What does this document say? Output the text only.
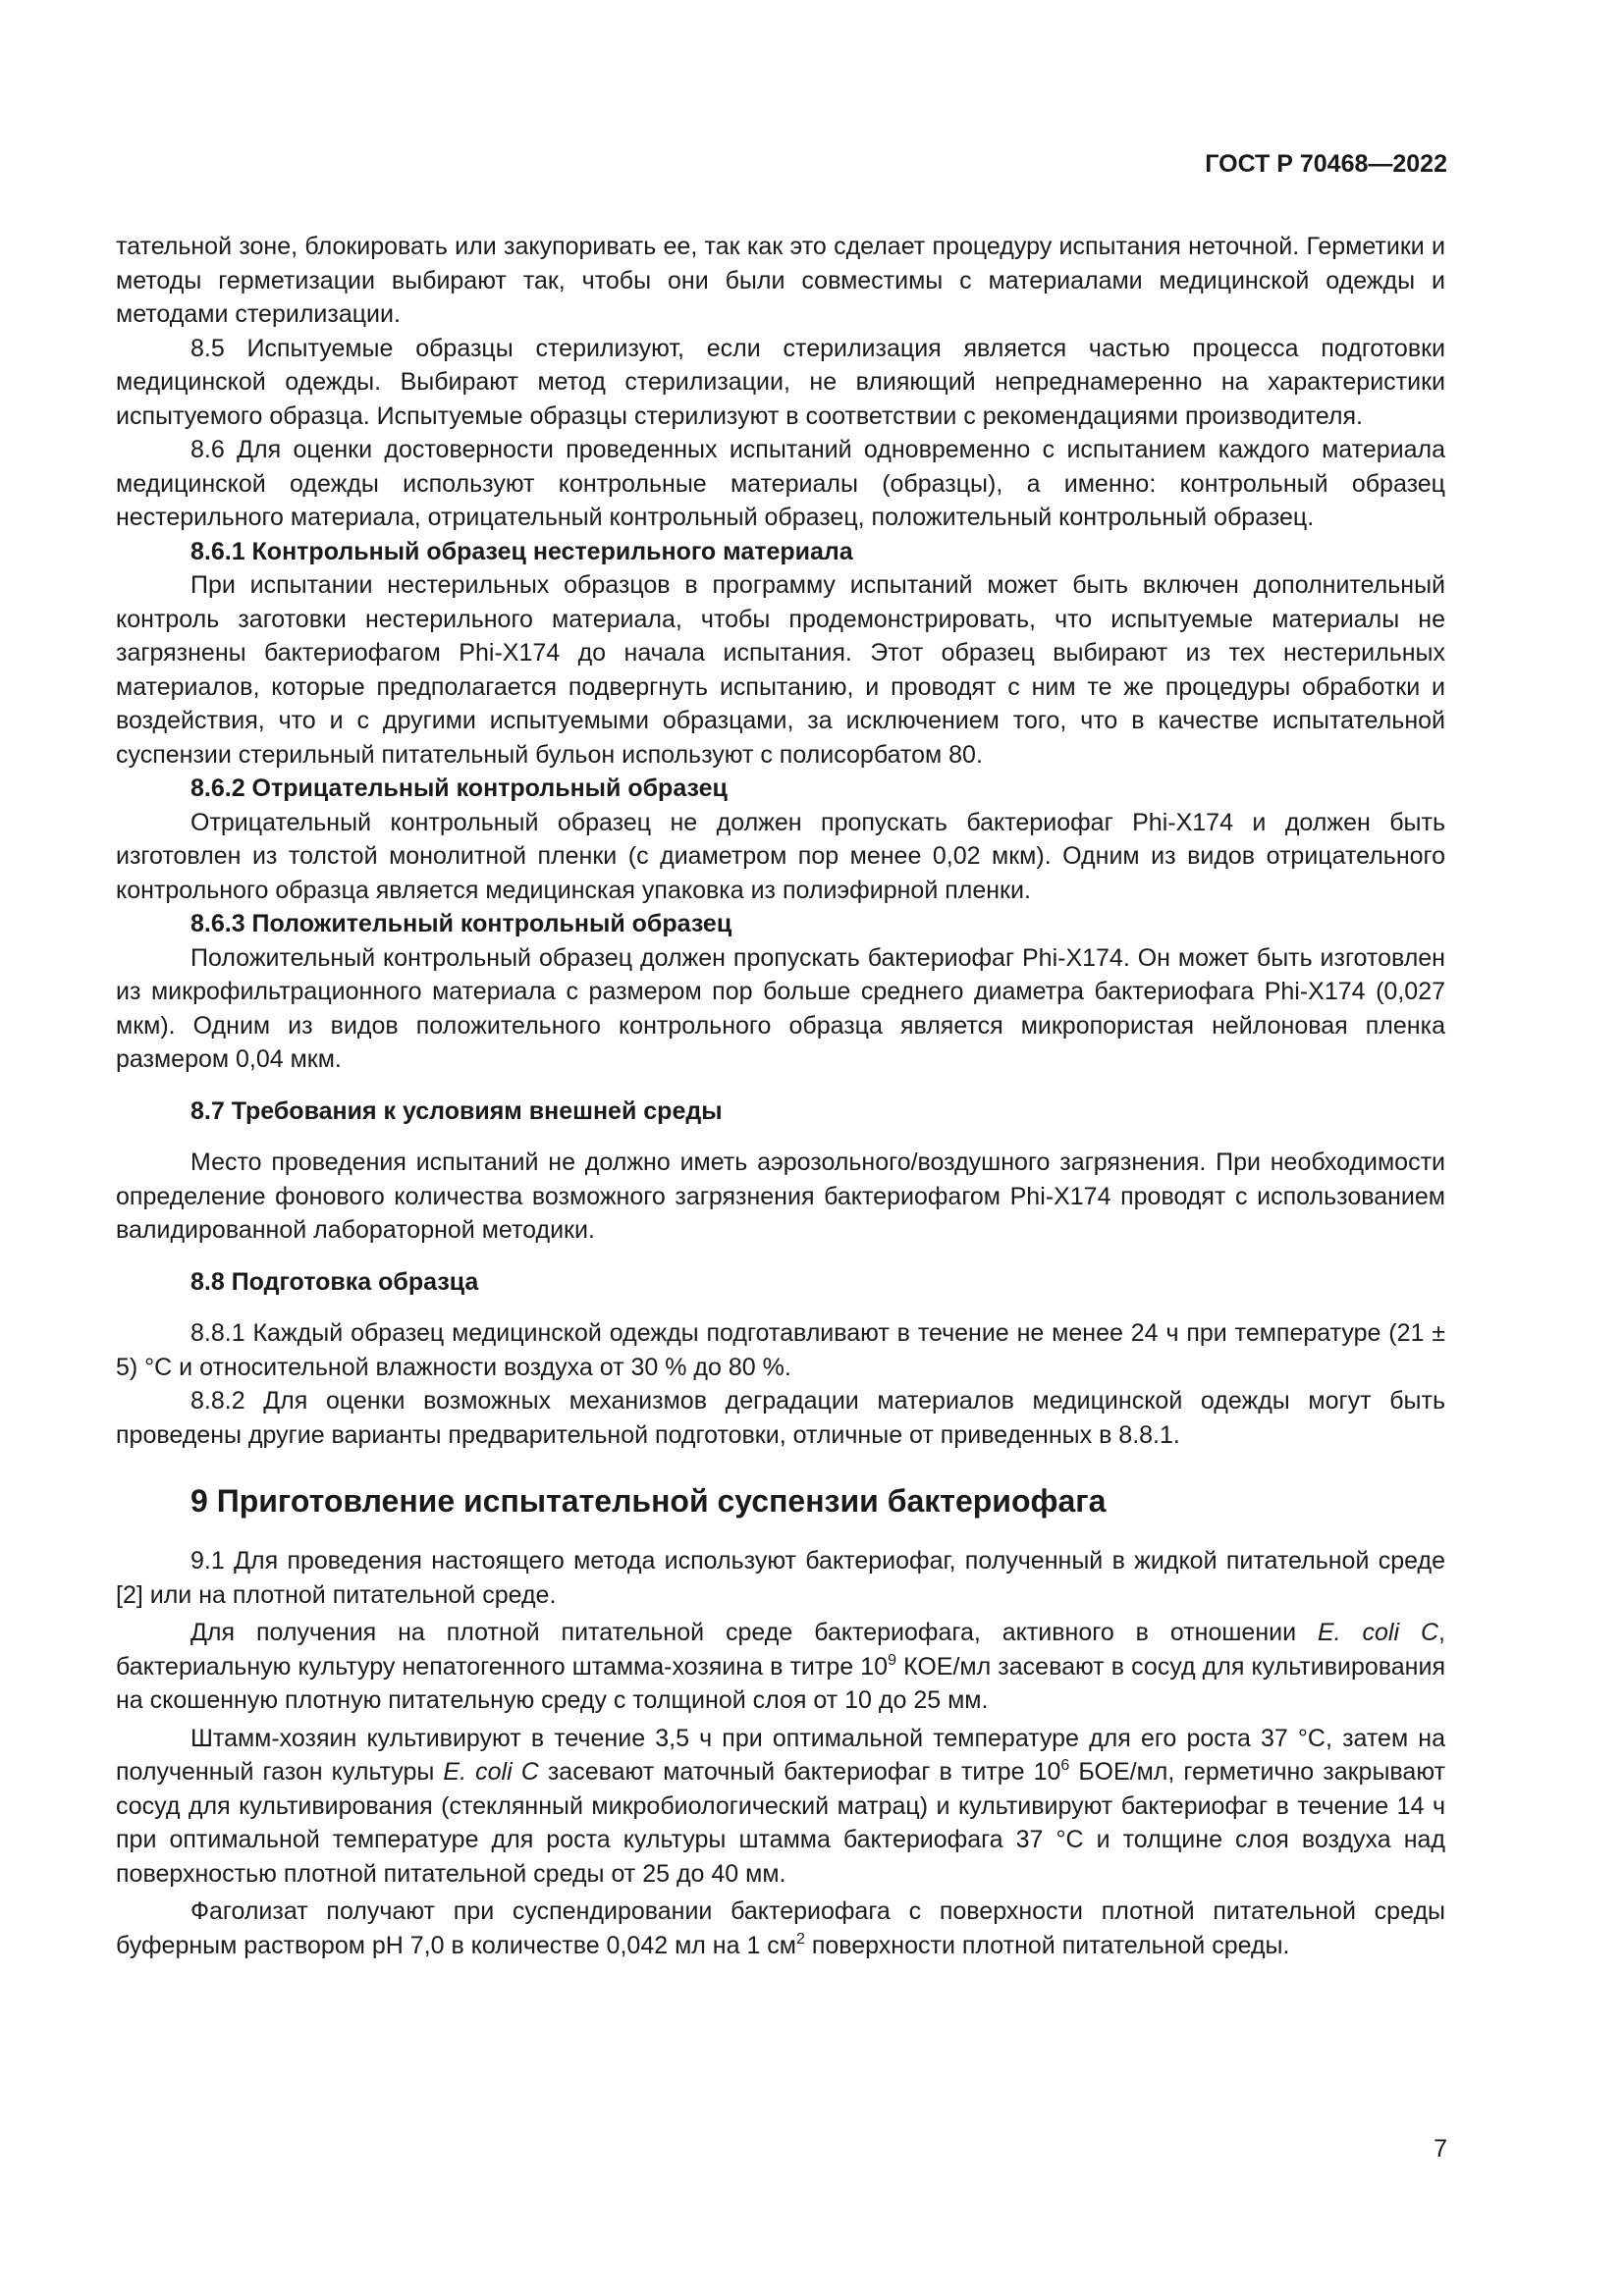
ГОСТ Р 70468—2022

тательной зоне, блокировать или закупоривать ее, так как это сделает процедуру испытания неточной. Герметики и методы герметизации выбирают так, чтобы они были совместимы с материалами медицинской одежды и методами стерилизации.

8.5 Испытуемые образцы стерилизуют, если стерилизация является частью процесса подготовки медицинской одежды. Выбирают метод стерилизации, не влияющий непреднамеренно на характеристики испытуемого образца. Испытуемые образцы стерилизуют в соответствии с рекомендациями производителя.

8.6 Для оценки достоверности проведенных испытаний одновременно с испытанием каждого материала медицинской одежды используют контрольные материалы (образцы), а именно: контрольный образец нестерильного материала, отрицательный контрольный образец, положительный контрольный образец.

8.6.1 Контрольный образец нестерильного материала

При испытании нестерильных образцов в программу испытаний может быть включен дополнительный контроль заготовки нестерильного материала, чтобы продемонстрировать, что испытуемые материалы не загрязнены бактериофагом Phi-X174 до начала испытания. Этот образец выбирают из тех нестерильных материалов, которые предполагается подвергнуть испытанию, и проводят с ним те же процедуры обработки и воздействия, что и с другими испытуемыми образцами, за исключением того, что в качестве испытательной суспензии стерильный питательный бульон используют с полисорбатом 80.

8.6.2 Отрицательный контрольный образец

Отрицательный контрольный образец не должен пропускать бактериофаг Phi-X174 и должен быть изготовлен из толстой монолитной пленки (с диаметром пор менее 0,02 мкм). Одним из видов отрицательного контрольного образца является медицинская упаковка из полиэфирной пленки.

8.6.3 Положительный контрольный образец

Положительный контрольный образец должен пропускать бактериофаг Phi-X174. Он может быть изготовлен из микрофильтрационного материала с размером пор больше среднего диаметра бактериофага Phi-X174 (0,027 мкм). Одним из видов положительного контрольного образца является микропористая нейлоновая пленка размером 0,04 мкм.

8.7 Требования к условиям внешней среды

Место проведения испытаний не должно иметь аэрозольного/воздушного загрязнения. При необходимости определение фонового количества возможного загрязнения бактериофагом Phi-X174 проводят с использованием валидированной лабораторной методики.

8.8 Подготовка образца

8.8.1 Каждый образец медицинской одежды подготавливают в течение не менее 24 ч при температуре (21 ± 5) °С и относительной влажности воздуха от 30 % до 80 %.

8.8.2 Для оценки возможных механизмов деградации материалов медицинской одежды могут быть проведены другие варианты предварительной подготовки, отличные от приведенных в 8.8.1.

9 Приготовление испытательной суспензии бактериофага

9.1 Для проведения настоящего метода используют бактериофаг, полученный в жидкой питательной среде [2] или на плотной питательной среде.

Для получения на плотной питательной среде бактериофага, активного в отношении E. coli C, бактериальную культуру непатогенного штамма-хозяина в титре $10^9$ КОЕ/мл засевают в сосуд для культивирования на скошенную плотную питательную среду с толщиной слоя от 10 до 25 мм.

Штамм-хозяин культивируют в течение 3,5 ч при оптимальной температуре для его роста 37 °С, затем на полученный газон культуры E. coli C засевают маточный бактериофаг в титре $10^6$ БОЕ/мл, герметично закрывают сосуд для культивирования (стеклянный микробиологический матрац) и культивируют бактериофаг в течение 14 ч при оптимальной температуре для роста культуры штамма бактериофага 37 °С и толщине слоя воздуха над поверхностью плотной питательной среды от 25 до 40 мм.

Фаголизат получают при суспендировании бактериофага с поверхности плотной питательной среды буферным раствором рН 7,0 в количестве 0,042 мл на 1 $см^2$ поверхности плотной питательной среды.

7
